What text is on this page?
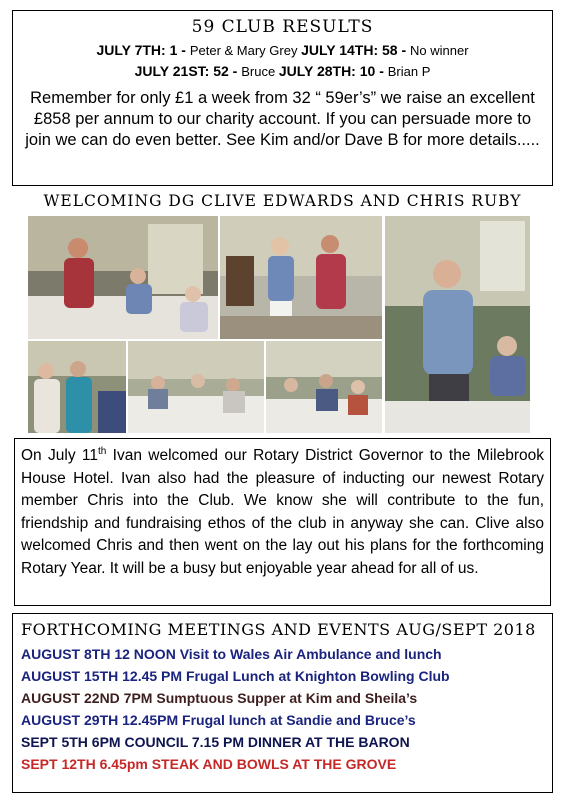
59 CLUB RESULTS
JULY 7TH: 1 - Peter & Mary Grey JULY 14TH: 58 - No winner
JULY 21ST: 52 - Bruce JULY 28TH: 10 - Brian P
Remember for only £1 a week from 32 “ 59er’s” we raise an excellent £858 per annum to our charity account. If you can persuade more to join we can do even better. See Kim and/or Dave B for more details.....
WELCOMING DG CLIVE EDWARDS AND CHRIS RUBY
On July 11th Ivan welcomed our Rotary District Governor to the Milebrook House Hotel. Ivan also had the pleasure of inducting our newest Rotary member Chris into the Club. We know she will contribute to the fun, friendship and fundraising ethos of the club in anyway she can. Clive also welcomed Chris and then went on the lay out his plans for the forthcoming Rotary Year. It will be a busy but enjoyable year ahead for all of us.
FORTHCOMING MEETINGS AND EVENTS AUG/SEPT 2018
AUGUST 8TH 12 NOON Visit to Wales Air Ambulance and lunch
AUGUST 15TH 12.45 PM Frugal Lunch at Knighton Bowling Club
AUGUST 22ND 7PM Sumptuous Supper at Kim and Sheila’s
AUGUST 29TH 12.45PM Frugal lunch at Sandie and Bruce’s
SEPT 5TH 6PM COUNCIL 7.15 PM DINNER AT THE BARON
SEPT 12TH 6.45pm STEAK AND BOWLS AT THE GROVE
